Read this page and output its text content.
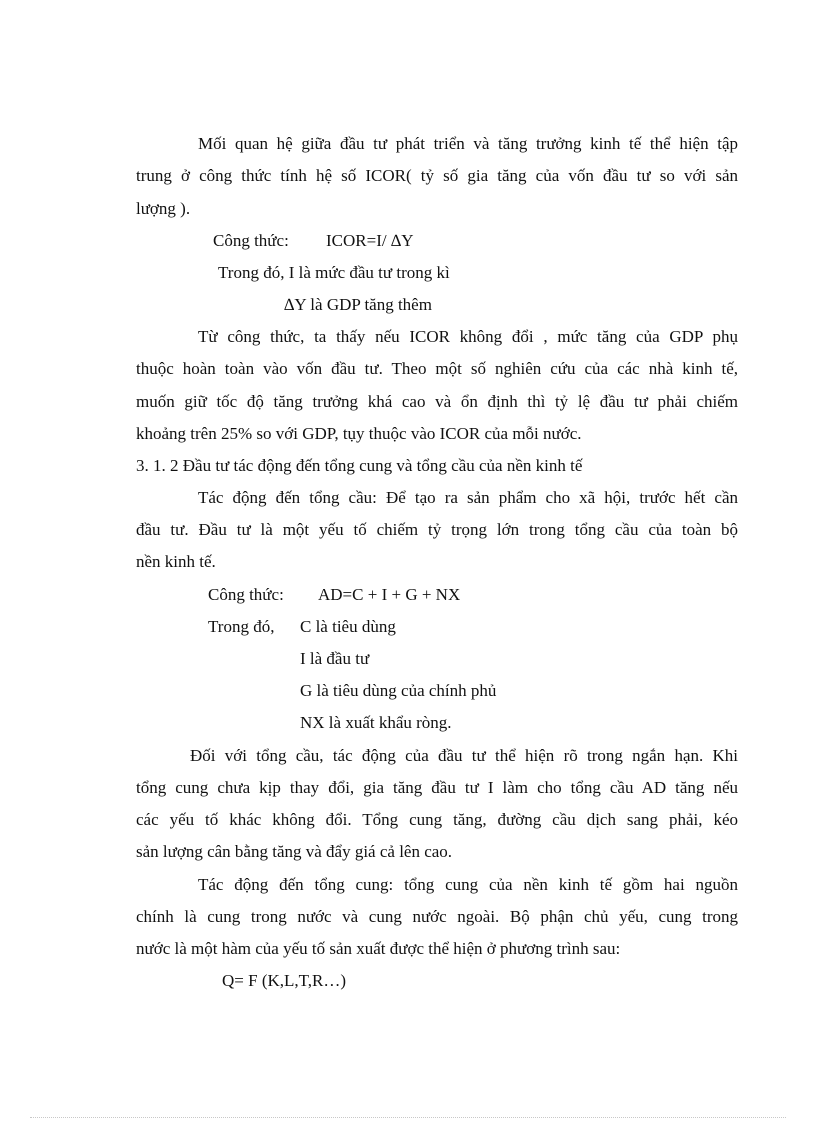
Mối quan hệ giữa đầu tư phát triển và tăng trưởng kinh tế thể hiện tập
trung ở công thức tính hệ số ICOR( tỷ số gia tăng của vốn đầu tư so với sản
lượng ).
Công thức: ICOR=I/ ∆Y
Trong đó, I là mức đầu tư trong kì
∆Y là GDP tăng thêm
Từ công thức, ta thấy nếu ICOR không đổi , mức tăng của GDP phụ
thuộc hoàn toàn vào vốn đầu tư. Theo một số nghiên cứu của các nhà kinh tế,
muốn giữ tốc độ tăng trưởng khá cao và ổn định thì tỷ lệ đầu tư phải chiếm
khoảng trên 25% so với GDP, tụy thuộc vào ICOR của mỗi nước.
3. 1. 2 Đầu tư tác động đến tổng cung và tổng cầu của nền kinh tế
Tác động đến tổng cầu: Để tạo ra sản phẩm cho xã hội, trước hết cần
đầu tư. Đầu tư là một yếu tố chiếm tỷ trọng lớn trong tổng cầu của toàn bộ
nền kinh tế.
Công thức: AD=C + I + G + NX
Trong đó, C là tiêu dùng
I là đầu tư
G là tiêu dùng của chính phủ
NX là xuất khẩu ròng.
Đối với tổng cầu, tác động của đầu tư thể hiện rõ trong ngắn hạn. Khi
tổng cung chưa kịp thay đổi, gia tăng đầu tư I làm cho tổng cầu AD tăng nếu
các yếu tố khác không đổi. Tổng cung tăng, đường cầu dịch sang phải, kéo
sản lượng cân bằng tăng và đẩy giá cả lên cao.
Tác động đến tổng cung: tổng cung của nền kinh tế gồm hai nguồn
chính là cung trong nước và cung nước ngoài. Bộ phận chủ yếu, cung trong
nước là một hàm của yếu tố sản xuất được thể hiện ở phương trình sau:
Q= F (K,L,T,R…)
